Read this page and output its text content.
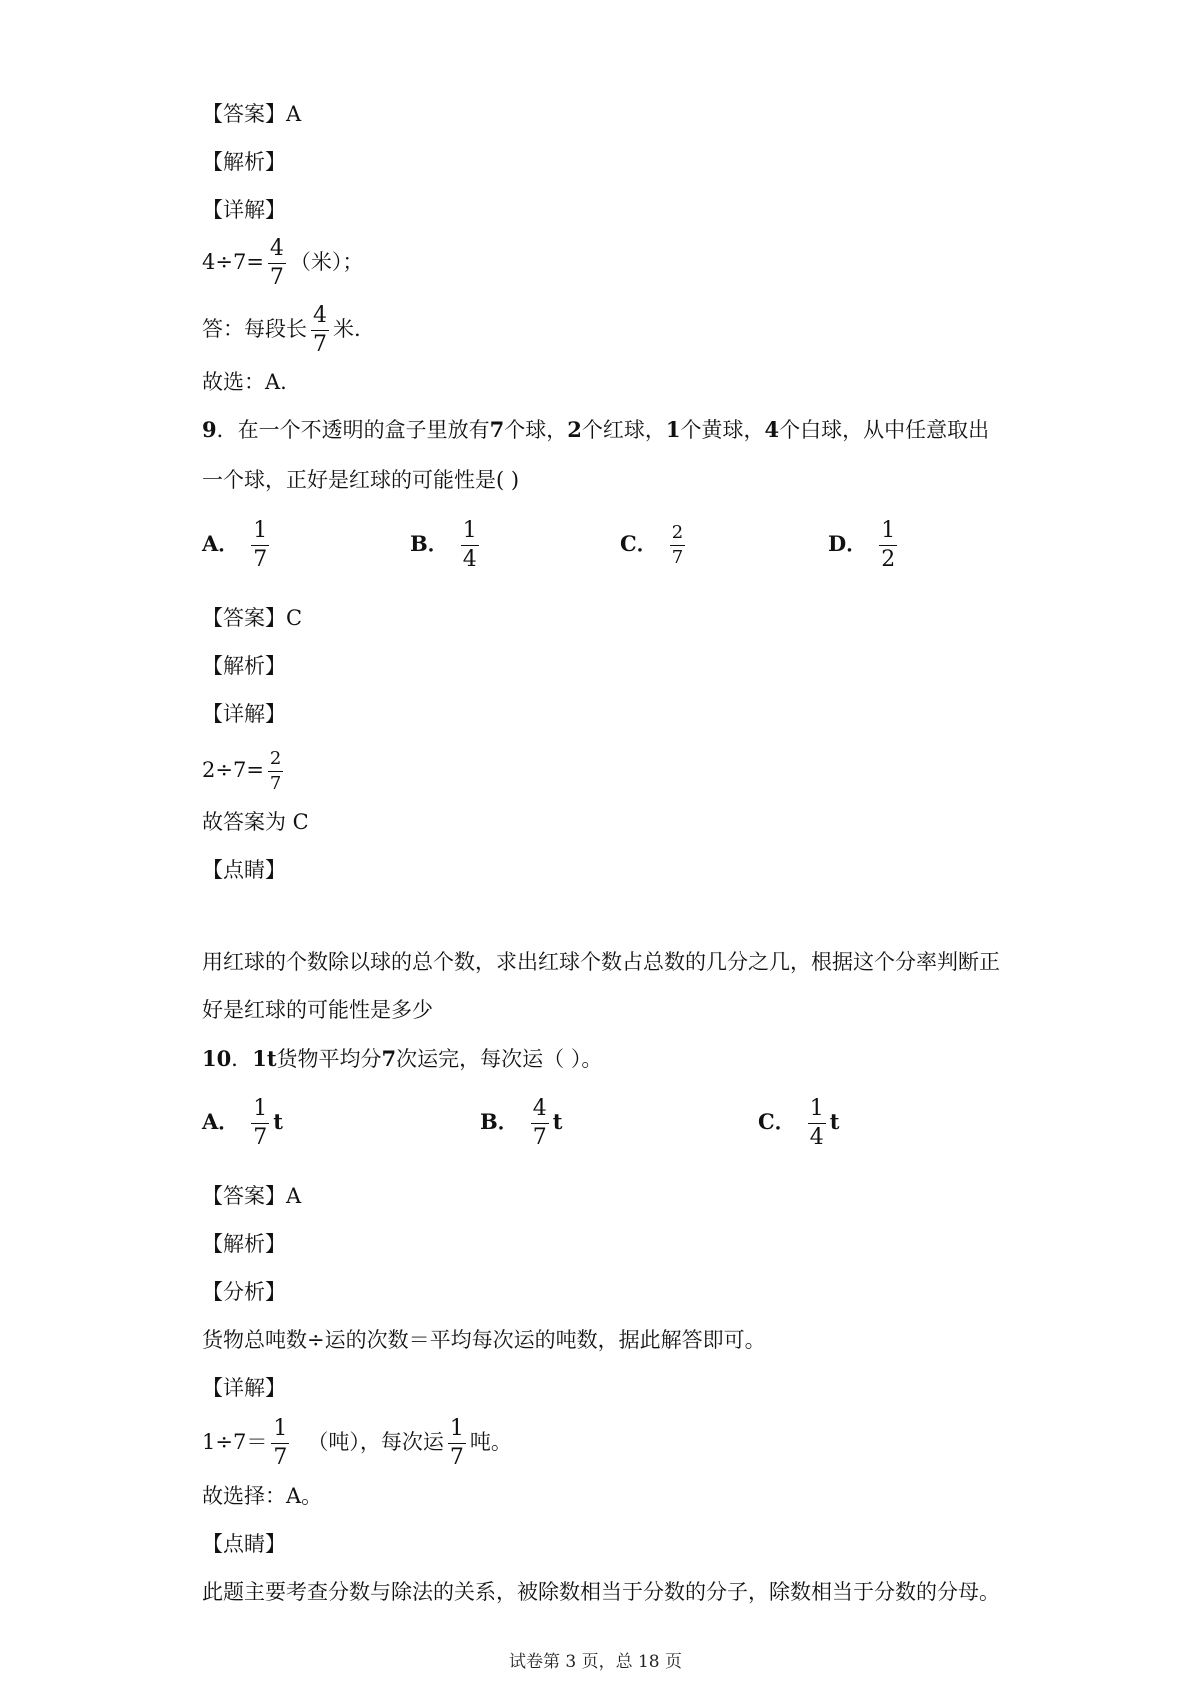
【答案】A
【解析】
【详解】
$4\div 7= \frac{4}{7}$ （米）；
答：每段长 $\frac{4}{7}$ 米.
故选：A.
9．在一个不透明的盒子里放有7个球，2个红球，1个黄球，4个白球，从中任意取出
一个球，正好是红球的可能性是( )
A． $\frac{1}{7}$	B． $\frac{1}{4}$	C． $\frac{2}{7}$	D． $\frac{1}{2}$
【答案】C
【解析】
【详解】
$2\div 7= \frac{2}{7}$
故答案为 C
【点睛】
用红球的个数除以球的总个数，求出红球个数占总数的几分之几，根据这个分率判断正
好是红球的可能性是多少
10．1t货物平均分7次运完，每次运（ ）。
A． $\frac{1}{7}$ t	B． $\frac{4}{7}$ t	C． $\frac{1}{4}$ t
【答案】A
【解析】
【分析】
货物总吨数÷运的次数＝平均每次运的吨数，据此解答即可。
【详解】
$1\div 7= \frac{1}{7}$ （吨），每次运 $\frac{1}{7}$ 吨。
故选择：A。
【点睛】
此题主要考查分数与除法的关系，被除数相当于分数的分子，除数相当于分数的分母。
试卷第 3 页，总 18 页
